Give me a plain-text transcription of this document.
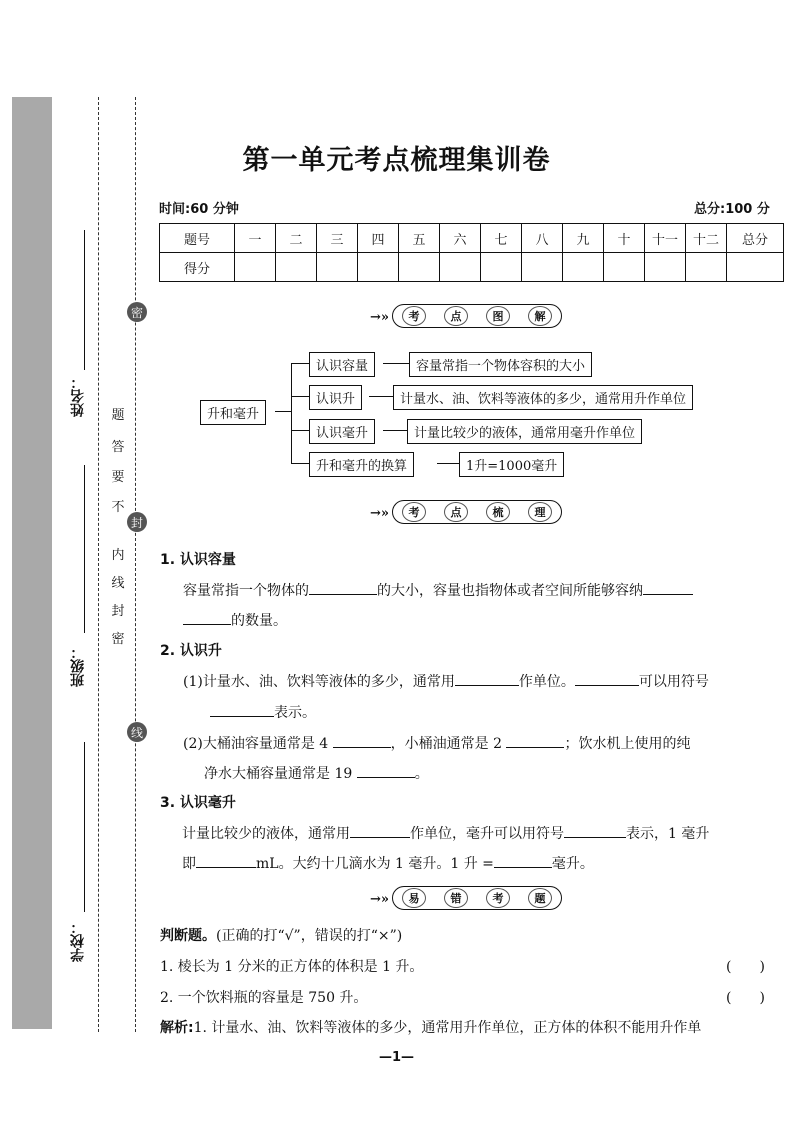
学校：
班级：
姓名：
密
封
线
密
封
线
内
不
要
答
题
第一单元考点梳理集训卷
时间:60 分钟	总分:100 分
题号	一	二	三	四	五	六	七	八	九	十	十一	十二	总分
得分													
→»	考	点	图	解
升和毫升
认识容量	容量常指一个物体容积的大小
认识升	计量水、油、饮料等液体的多少，通常用升作单位
认识毫升	计量比较少的液体，通常用毫升作单位
升和毫升的换算	1升=1000毫升
→»	考	点	梳	理
1. 认识容量
容量常指一个物体的	的大小，容量也指物体或者空间所能够容纳
的数量。
2. 认识升
(1)计量水、油、饮料等液体的多少，通常用	作单位。	可以用符号
表示。
(2)大桶油容量通常是 4	，小桶油通常是 2	；饮水机上使用的纯
净水大桶容量通常是 19	。
3. 认识毫升
计量比较少的液体，通常用	作单位，毫升可以用符号	表示，1 毫升
即	mL。大约十几滴水为 1 毫升。1 升 =	毫升。
→»	易	错	考	题
判断题。(正确的打“√”，错误的打“×”)
1. 棱长为 1 分米的正方体的体积是 1 升。	(　　)
2. 一个饮料瓶的容量是 750 升。	(　　)
解析:1. 计量水、油、饮料等液体的多少，通常用升作单位，正方体的体积不能用升作单
—1—
